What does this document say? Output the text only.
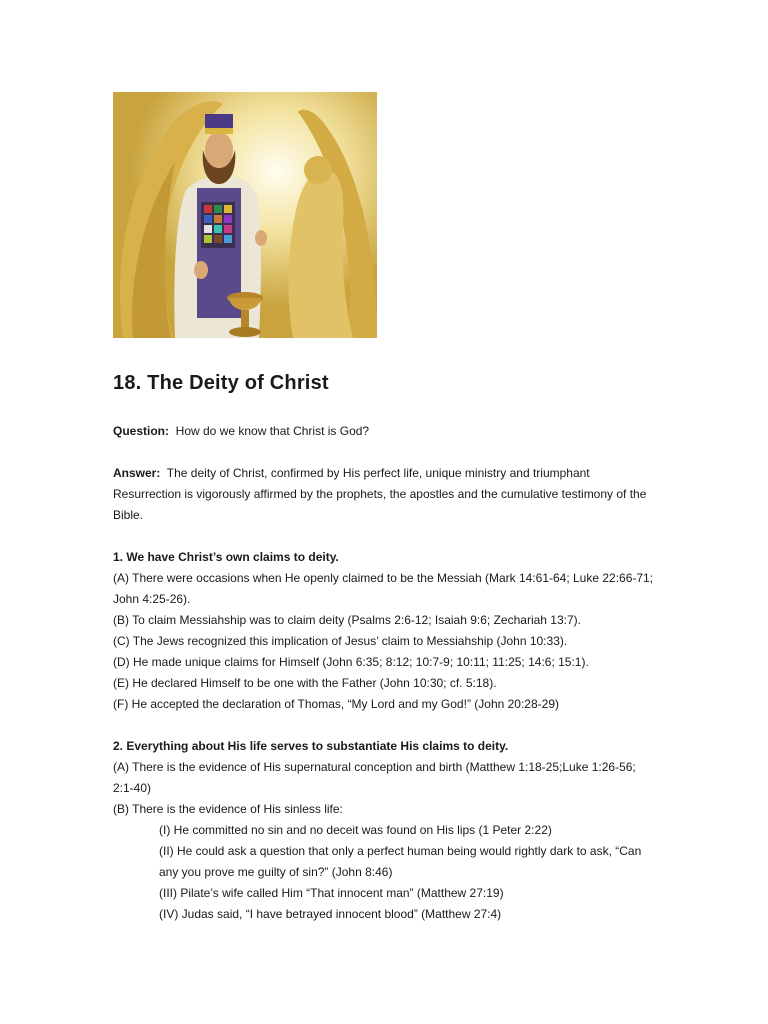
18. The Deity of Christ

Question: How do we know that Christ is God?

Answer: The deity of Christ, confirmed by His perfect life, unique ministry and triumphant Resurrection is vigorously affirmed by the prophets, the apostles and the cumulative testimony of the Bible.

1. We have Christ’s own claims to deity.

(A) There were occasions when He openly claimed to be the Messiah (Mark 14:61-64; Luke 22:66-71; John 4:25-26).

(B) To claim Messiahship was to claim deity (Psalms 2:6-12; Isaiah 9:6; Zechariah 13:7).

(C) The Jews recognized this implication of Jesus’ claim to Messiahship (John 10:33).

(D) He made unique claims for Himself (John 6:35; 8:12; 10:7-9; 10:11; 11:25; 14:6; 15:1).

(E) He declared Himself to be one with the Father (John 10:30; cf. 5:18).

(F) He accepted the declaration of Thomas, “My Lord and my God!” (John 20:28-29)

2. Everything about His life serves to substantiate His claims to deity.

(A) There is the evidence of His supernatural conception and birth (Matthew 1:18-25;Luke 1:26-56; 2:1-40)

(B) There is the evidence of His sinless life:

(I) He committed no sin and no deceit was found on His lips (1 Peter 2:22)

(II) He could ask a question that only a perfect human being would rightly dark to ask, “Can any you prove me guilty of sin?” (John 8:46)

(III) Pilate’s wife called Him “That innocent man” (Matthew 27:19)

(IV) Judas said, “I have betrayed innocent blood” (Matthew 27:4)
